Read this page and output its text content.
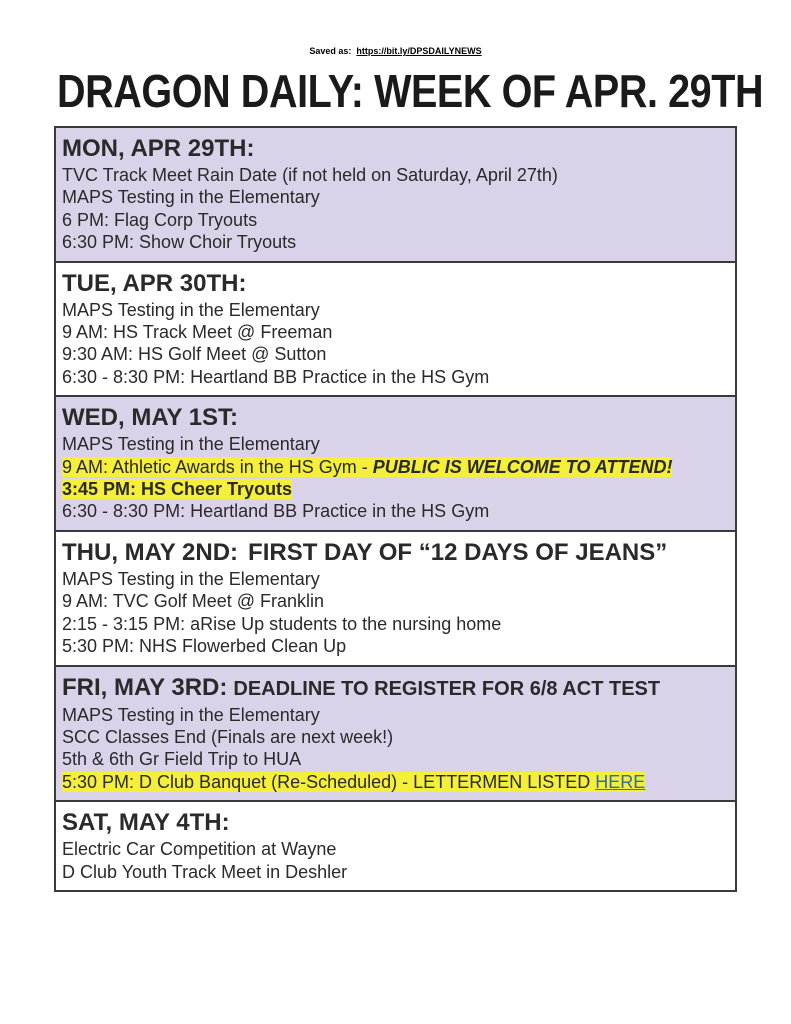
Saved as: https://bit.ly/DPSDAILYNEWS
DRAGON DAILY: WEEK OF APR. 29TH
MON, APR 29TH:
TVC Track Meet Rain Date (if not held on Saturday, April 27th)
MAPS Testing in the Elementary
6 PM: Flag Corp Tryouts
6:30 PM: Show Choir Tryouts
TUE, APR 30TH:
MAPS Testing in the Elementary
9 AM: HS Track Meet @ Freeman
9:30 AM: HS Golf Meet @ Sutton
6:30 - 8:30 PM: Heartland BB Practice in the HS Gym
WED, MAY 1ST:
MAPS Testing in the Elementary
9 AM: Athletic Awards in the HS Gym - PUBLIC IS WELCOME TO ATTEND!
3:45 PM: HS Cheer Tryouts
6:30 - 8:30 PM: Heartland BB Practice in the HS Gym
THU, MAY 2ND: FIRST DAY OF “12 DAYS OF JEANS”
MAPS Testing in the Elementary
9 AM: TVC Golf Meet @ Franklin
2:15 - 3:15 PM: aRise Up students to the nursing home
5:30 PM: NHS Flowerbed Clean Up
FRI, MAY 3RD: DEADLINE TO REGISTER FOR 6/8 ACT TEST
MAPS Testing in the Elementary
SCC Classes End (Finals are next week!)
5th & 6th Gr Field Trip to HUA
5:30 PM: D Club Banquet (Re-Scheduled) - LETTERMEN LISTED HERE
SAT, MAY 4TH:
Electric Car Competition at Wayne
D Club Youth Track Meet in Deshler
